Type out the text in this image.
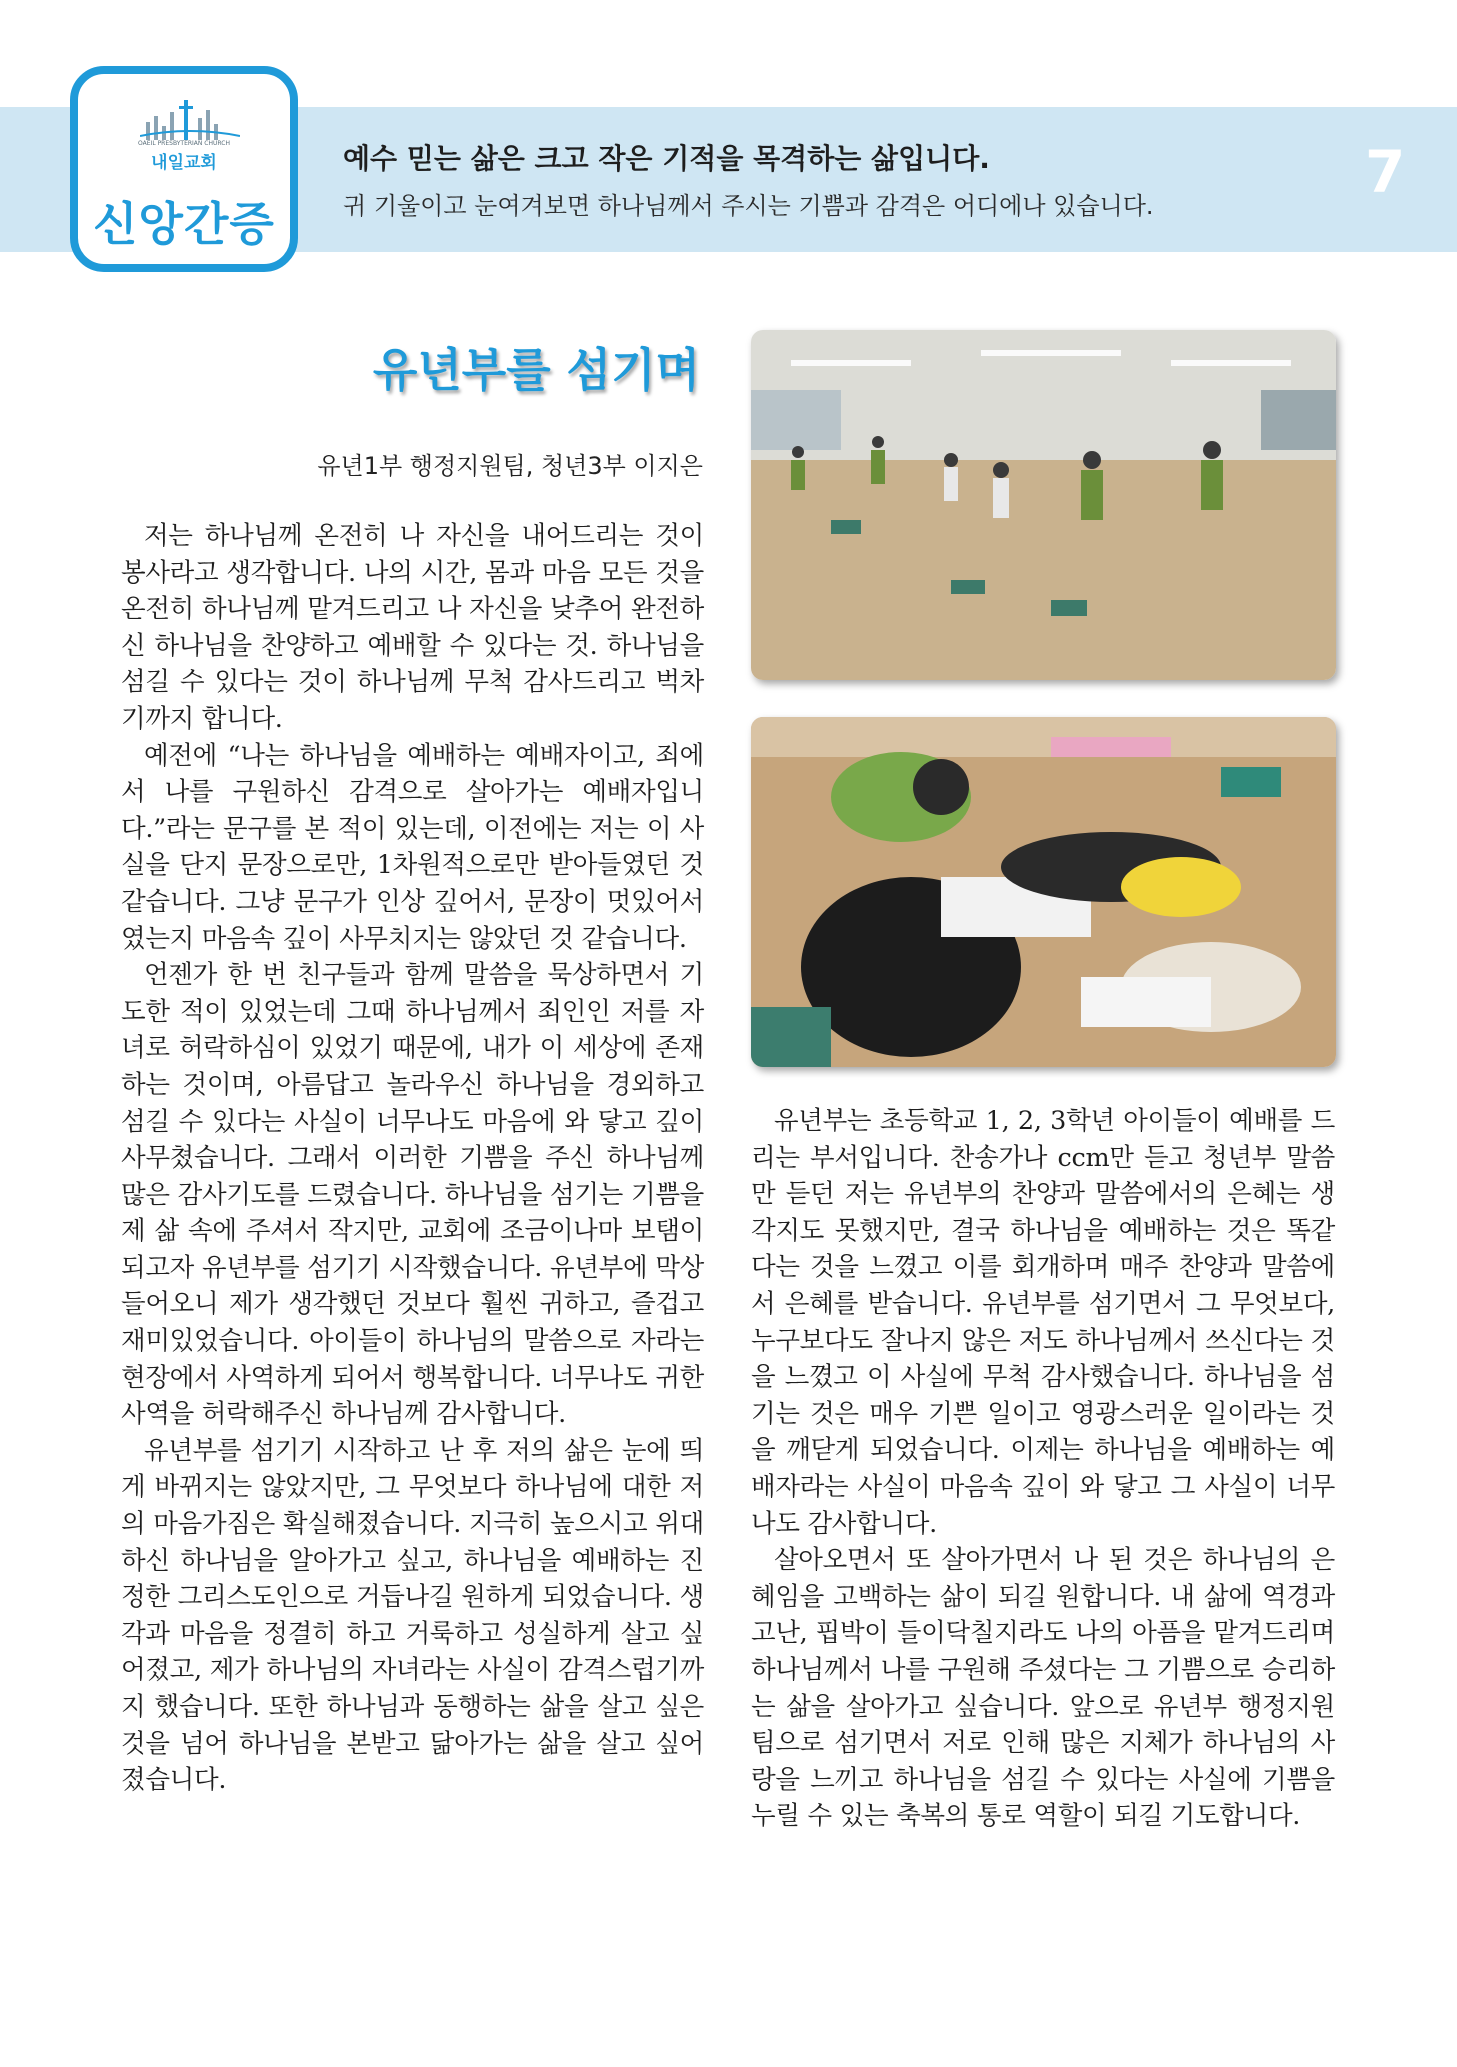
OAEIL PRESBYTERIAN CHURCH
내일교회
신앙간증
예수 믿는 삶은 크고 작은 기적을 목격하는 삶입니다.
귀 기울이고 눈여겨보면 하나님께서 주시는 기쁨과 감격은 어디에나 있습니다.	7
유년부를 섬기며
유년1부 행정지원팀, 청년3부 이지은

저는 하나님께 온전히 나 자신을 내어드리는 것이 봉사라고 생각합니다. 나의 시간, 몸과 마음 모든 것을 온전히 하나님께 맡겨드리고 나 자신을 낮추어 완전하신 하나님을 찬양하고 예배할 수 있다는 것. 하나님을 섬길 수 있다는 것이 하나님께 무척 감사드리고 벅차기까지 합니다.

예전에 “나는 하나님을 예배하는 예배자이고, 죄에서 나를 구원하신 감격으로 살아가는 예배자입니다.”라는 문구를 본 적이 있는데, 이전에는 저는 이 사실을 단지 문장으로만, 1차원적으로만 받아들였던 것 같습니다. 그냥 문구가 인상 깊어서, 문장이 멋있어서였는지 마음속 깊이 사무치지는 않았던 것 같습니다.

언젠가 한 번 친구들과 함께 말씀을 묵상하면서 기도한 적이 있었는데 그때 하나님께서 죄인인 저를 자녀로 허락하심이 있었기 때문에, 내가 이 세상에 존재하는 것이며, 아름답고 놀라우신 하나님을 경외하고 섬길 수 있다는 사실이 너무나도 마음에 와 닿고 깊이 사무쳤습니다. 그래서 이러한 기쁨을 주신 하나님께 많은 감사기도를 드렸습니다. 하나님을 섬기는 기쁨을 제 삶 속에 주셔서 작지만, 교회에 조금이나마 보탬이 되고자 유년부를 섬기기 시작했습니다. 유년부에 막상 들어오니 제가 생각했던 것보다 훨씬 귀하고, 즐겁고 재미있었습니다. 아이들이 하나님의 말씀으로 자라는 현장에서 사역하게 되어서 행복합니다. 너무나도 귀한 사역을 허락해주신 하나님께 감사합니다.

유년부를 섬기기 시작하고 난 후 저의 삶은 눈에 띄게 바뀌지는 않았지만, 그 무엇보다 하나님에 대한 저의 마음가짐은 확실해졌습니다. 지극히 높으시고 위대하신 하나님을 알아가고 싶고, 하나님을 예배하는 진정한 그리스도인으로 거듭나길 원하게 되었습니다. 생각과 마음을 정결히 하고 거룩하고 성실하게 살고 싶어졌고, 제가 하나님의 자녀라는 사실이 감격스럽기까지 했습니다. 또한 하나님과 동행하는 삶을 살고 싶은 것을 넘어 하나님을 본받고 닮아가는 삶을 살고 싶어졌습니다.

유년부는 초등학교 1, 2, 3학년 아이들이 예배를 드리는 부서입니다. 찬송가나 ccm만 듣고 청년부 말씀만 듣던 저는 유년부의 찬양과 말씀에서의 은혜는 생각지도 못했지만, 결국 하나님을 예배하는 것은 똑같다는 것을 느꼈고 이를 회개하며 매주 찬양과 말씀에서 은혜를 받습니다. 유년부를 섬기면서 그 무엇보다, 누구보다도 잘나지 않은 저도 하나님께서 쓰신다는 것을 느꼈고 이 사실에 무척 감사했습니다. 하나님을 섬기는 것은 매우 기쁜 일이고 영광스러운 일이라는 것을 깨닫게 되었습니다. 이제는 하나님을 예배하는 예배자라는 사실이 마음속 깊이 와 닿고 그 사실이 너무나도 감사합니다.

살아오면서 또 살아가면서 나 된 것은 하나님의 은혜임을 고백하는 삶이 되길 원합니다. 내 삶에 역경과 고난, 핍박이 들이닥칠지라도 나의 아픔을 맡겨드리며 하나님께서 나를 구원해 주셨다는 그 기쁨으로 승리하는 삶을 살아가고 싶습니다. 앞으로 유년부 행정지원팀으로 섬기면서 저로 인해 많은 지체가 하나님의 사랑을 느끼고 하나님을 섬길 수 있다는 사실에 기쁨을 누릴 수 있는 축복의 통로 역할이 되길 기도합니다.
